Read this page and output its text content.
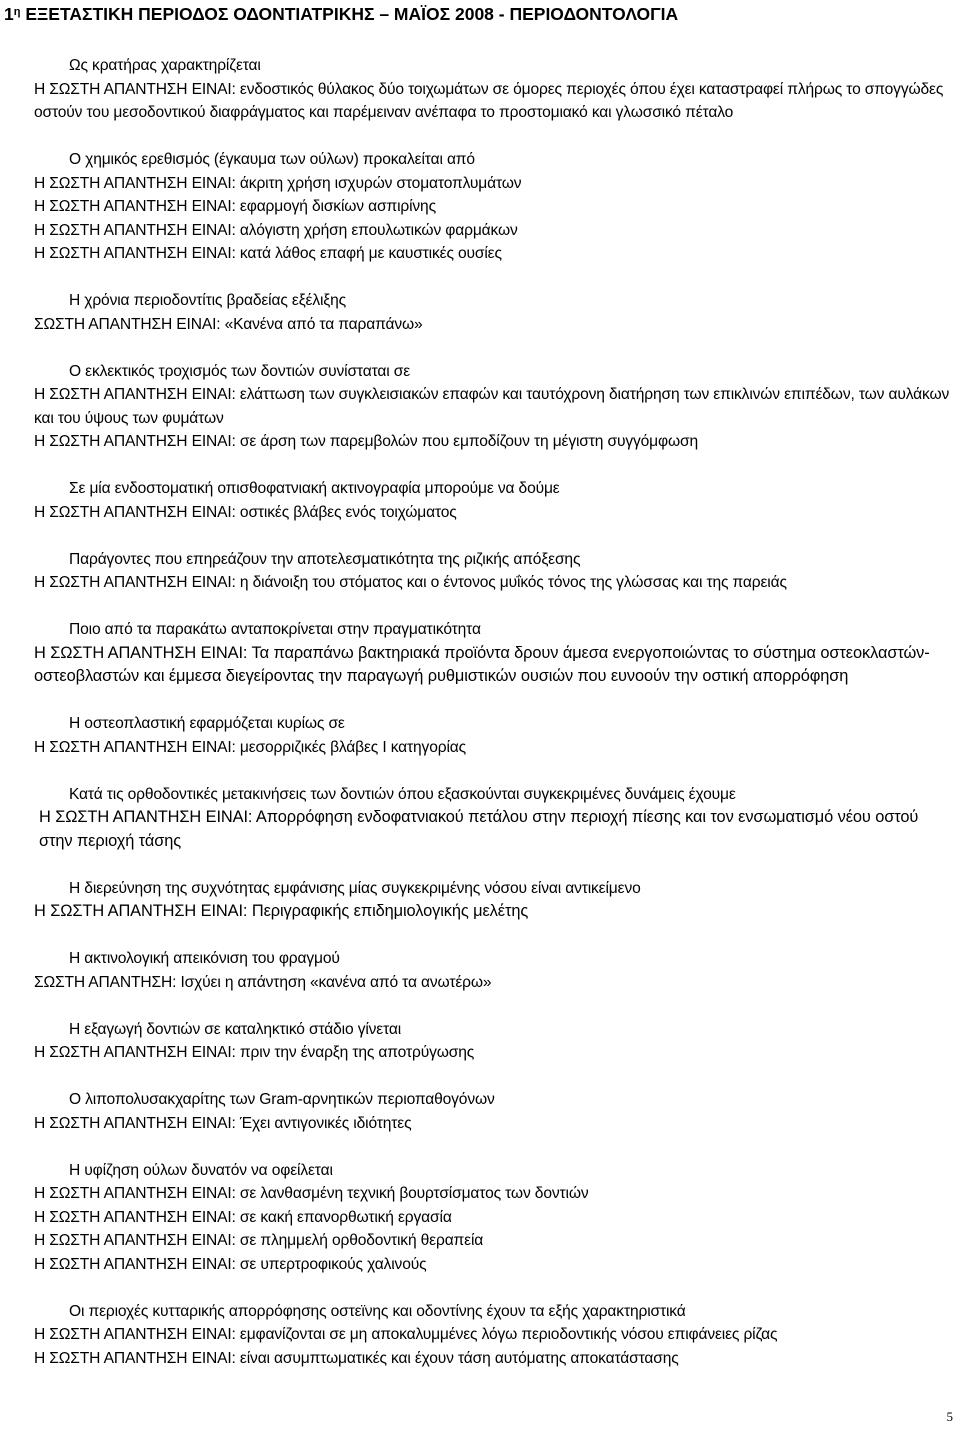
$1^\eta$ ΕΞΕΤΑΣΤΙΚΗ ΠΕΡΙΟΔΟΣ ΟΔΟΝΤΙΑΤΡΙΚΗΣ – ΜΑΪΟΣ 2008 - ΠΕΡΙΟΔΟΝΤΟΛΟΓΙΑ
Ως κρατήρας χαρακτηρίζεται
Η ΣΩΣΤΗ ΑΠΑΝΤΗΣΗ ΕΙΝΑΙ: ενδοστικός θύλακος δύο τοιχωμάτων σε όμορες περιοχές όπου έχει καταστραφεί πλήρως το σπογγώδες οστούν του μεσοδοντικού διαφράγματος και παρέμειναν ανέπαφα το προστομιακό και γλωσσικό πέταλο
Ο χημικός ερεθισμός (έγκαυμα των ούλων) προκαλείται από
Η ΣΩΣΤΗ ΑΠΑΝΤΗΣΗ ΕΙΝΑΙ: άκριτη χρήση ισχυρών στοματοπλυμάτων
Η ΣΩΣΤΗ ΑΠΑΝΤΗΣΗ ΕΙΝΑΙ: εφαρμογή δισκίων ασπιρίνης
Η ΣΩΣΤΗ ΑΠΑΝΤΗΣΗ ΕΙΝΑΙ: αλόγιστη χρήση επουλωτικών φαρμάκων
Η ΣΩΣΤΗ ΑΠΑΝΤΗΣΗ ΕΙΝΑΙ: κατά λάθος επαφή με καυστικές ουσίες
Η χρόνια περιοδοντίτις βραδείας εξέλιξης
ΣΩΣΤΗ ΑΠΑΝΤΗΣΗ ΕΙΝΑΙ: «Κανένα από τα παραπάνω»
Ο εκλεκτικός τροχισμός των δοντιών συνίσταται σε
Η ΣΩΣΤΗ ΑΠΑΝΤΗΣΗ ΕΙΝΑΙ: ελάττωση των συγκλεισιακών επαφών και ταυτόχρονη διατήρηση των επικλινών επιπέδων, των αυλάκων και του ύψους των φυμάτων
Η ΣΩΣΤΗ ΑΠΑΝΤΗΣΗ ΕΙΝΑΙ: σε άρση των παρεμβολών που εμποδίζουν τη μέγιστη συγγόμφωση
Σε μία ενδοστοματική οπισθοφατνιακή ακτινογραφία μπορούμε να δούμε
Η ΣΩΣΤΗ ΑΠΑΝΤΗΣΗ ΕΙΝΑΙ: οστικές βλάβες ενός τοιχώματος
Παράγοντες που επηρεάζουν την αποτελεσματικότητα της ριζικής απόξεσης
Η ΣΩΣΤΗ ΑΠΑΝΤΗΣΗ ΕΙΝΑΙ: η διάνοιξη του στόματος και ο έντονος μυΐκός τόνος της γλώσσας και της παρειάς
Ποιο από τα παρακάτω ανταποκρίνεται στην πραγματικότητα
Η ΣΩΣΤΗ ΑΠΑΝΤΗΣΗ ΕΙΝΑΙ: Τα παραπάνω βακτηριακά προϊόντα δρουν άμεσα ενεργοποιώντας το σύστημα οστεοκλαστών-οστεοβλαστών και έμμεσα διεγείροντας την παραγωγή ρυθμιστικών ουσιών που ευνοούν την οστική απορρόφηση
Η οστεοπλαστική εφαρμόζεται κυρίως σε
Η ΣΩΣΤΗ ΑΠΑΝΤΗΣΗ ΕΙΝΑΙ: μεσορριζικές βλάβες Ι κατηγορίας
Κατά τις ορθοδοντικές μετακινήσεις των δοντιών όπου εξασκούνται συγκεκριμένες δυνάμεις έχουμε
Η ΣΩΣΤΗ ΑΠΑΝΤΗΣΗ ΕΙΝΑΙ: Απορρόφηση ενδοφατνιακού πετάλου στην περιοχή πίεσης και τον ενσωματισμό νέου οστού στην περιοχή τάσης
Η διερεύνηση της συχνότητας εμφάνισης μίας συγκεκριμένης νόσου είναι αντικείμενο
Η ΣΩΣΤΗ ΑΠΑΝΤΗΣΗ ΕΙΝΑΙ: Περιγραφικής επιδημιολογικής μελέτης
Η ακτινολογική απεικόνιση του φραγμού
ΣΩΣΤΗ ΑΠΑΝΤΗΣΗ: Ισχύει η απάντηση «κανένα από τα ανωτέρω»
Η εξαγωγή δοντιών σε καταληκτικό στάδιο γίνεται
Η ΣΩΣΤΗ ΑΠΑΝΤΗΣΗ ΕΙΝΑΙ: πριν την έναρξη της αποτρύγωσης
Ο λιποπολυσακχαρίτης των Gram-αρνητικών περιοπαθογόνων
Η ΣΩΣΤΗ ΑΠΑΝΤΗΣΗ ΕΙΝΑΙ: Έχει αντιγονικές ιδιότητες
Η υφίζηση ούλων δυνατόν να οφείλεται
Η ΣΩΣΤΗ ΑΠΑΝΤΗΣΗ ΕΙΝΑΙ: σε λανθασμένη τεχνική βουρτσίσματος των δοντιών
Η ΣΩΣΤΗ ΑΠΑΝΤΗΣΗ ΕΙΝΑΙ: σε κακή επανορθωτική εργασία
Η ΣΩΣΤΗ ΑΠΑΝΤΗΣΗ ΕΙΝΑΙ: σε πλημμελή ορθοδοντική θεραπεία
Η ΣΩΣΤΗ ΑΠΑΝΤΗΣΗ ΕΙΝΑΙ: σε υπερτροφικούς χαλινούς
Οι περιοχές κυτταρικής απορρόφησης οστεϊνης και οδοντίνης έχουν τα εξής χαρακτηριστικά
Η ΣΩΣΤΗ ΑΠΑΝΤΗΣΗ ΕΙΝΑΙ: εμφανίζονται σε μη αποκαλυμμένες λόγω περιοδοντικής νόσου επιφάνειες ρίζας
Η ΣΩΣΤΗ ΑΠΑΝΤΗΣΗ ΕΙΝΑΙ: είναι ασυμπτωματικές και έχουν τάση αυτόματης αποκατάστασης
5
